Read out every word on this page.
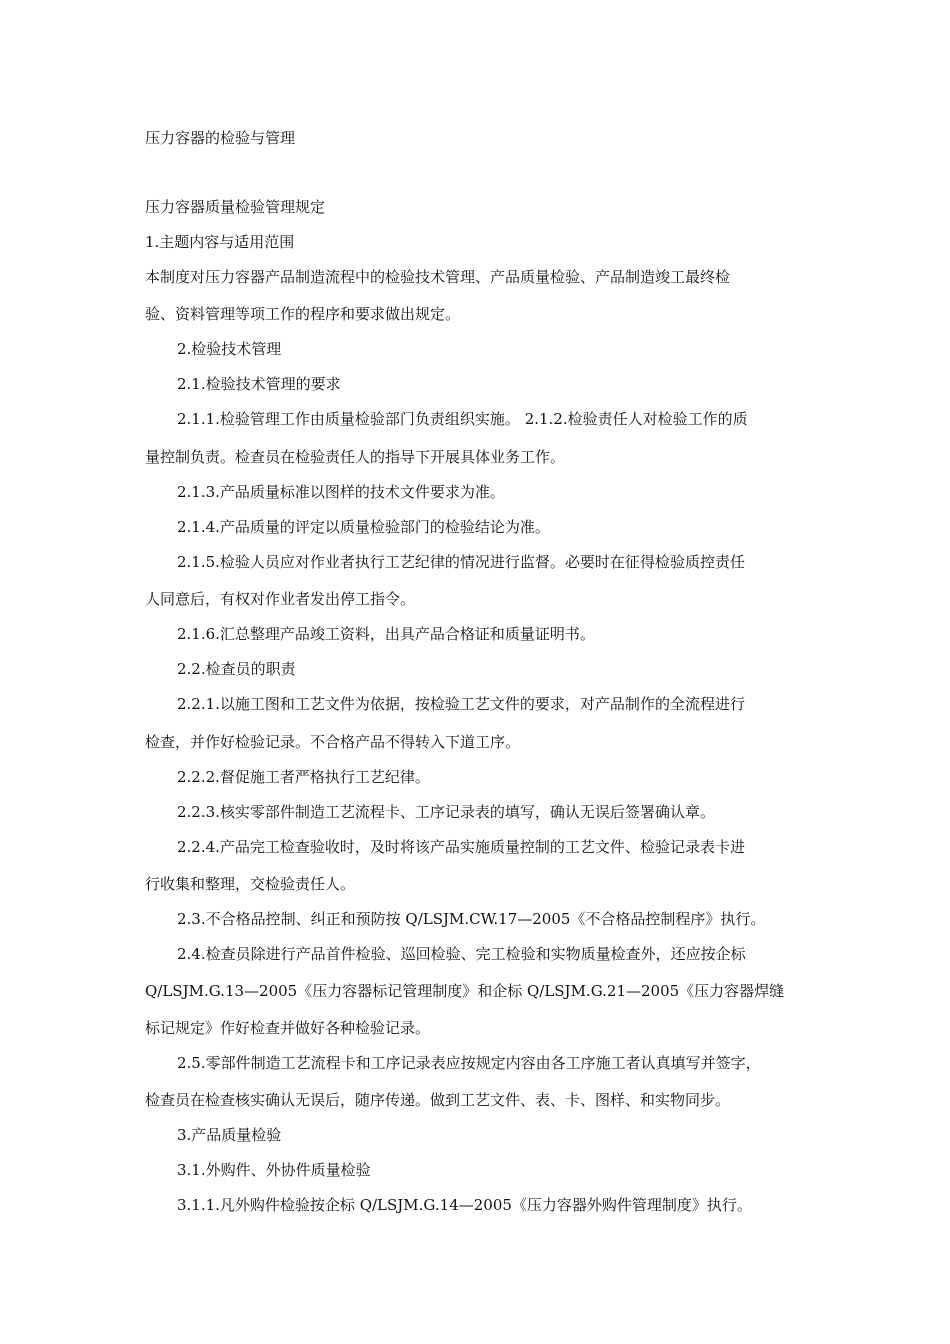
压力容器的检验与管理
压力容器质量检验管理规定
1.主题内容与适用范围
本制度对压力容器产品制造流程中的检验技术管理、产品质量检验、产品制造竣工最终检
验、资料管理等项工作的程序和要求做出规定。
2.检验技术管理
2.1.检验技术管理的要求
2.1.1.检验管理工作由质量检验部门负责组织实施。 2.1.2.检验责任人对检验工作的质
量控制负责。检查员在检验责任人的指导下开展具体业务工作。
2.1.3.产品质量标准以图样的技术文件要求为准。
2.1.4.产品质量的评定以质量检验部门的检验结论为准。
2.1.5.检验人员应对作业者执行工艺纪律的情况进行监督。必要时在征得检验质控责任
人同意后，有权对作业者发出停工指令。
2.1.6.汇总整理产品竣工资料，出具产品合格证和质量证明书。
2.2.检查员的职责
2.2.1.以施工图和工艺文件为依据，按检验工艺文件的要求，对产品制作的全流程进行
检查，并作好检验记录。不合格产品不得转入下道工序。
2.2.2.督促施工者严格执行工艺纪律。
2.2.3.核实零部件制造工艺流程卡、工序记录表的填写，确认无误后签署确认章。
2.2.4.产品完工检查验收时，及时将该产品实施质量控制的工艺文件、检验记录表卡进
行收集和整理，交检验责任人。
2.3.不合格品控制、纠正和预防按 Q/LSJM.CW.17—2005《不合格品控制程序》执行。
2.4.检查员除进行产品首件检验、巡回检验、完工检验和实物质量检查外，还应按企标
Q/LSJM.G.13—2005《压力容器标记管理制度》和企标 Q/LSJM.G.21—2005《压力容器焊缝
标记规定》作好检查并做好各种检验记录。
2.5.零部件制造工艺流程卡和工序记录表应按规定内容由各工序施工者认真填写并签字，
检查员在检查核实确认无误后，随序传递。做到工艺文件、表、卡、图样、和实物同步。
3.产品质量检验
3.1.外购件、外协件质量检验
3.1.1.凡外购件检验按企标 Q/LSJM.G.14—2005《压力容器外购件管理制度》执行。
